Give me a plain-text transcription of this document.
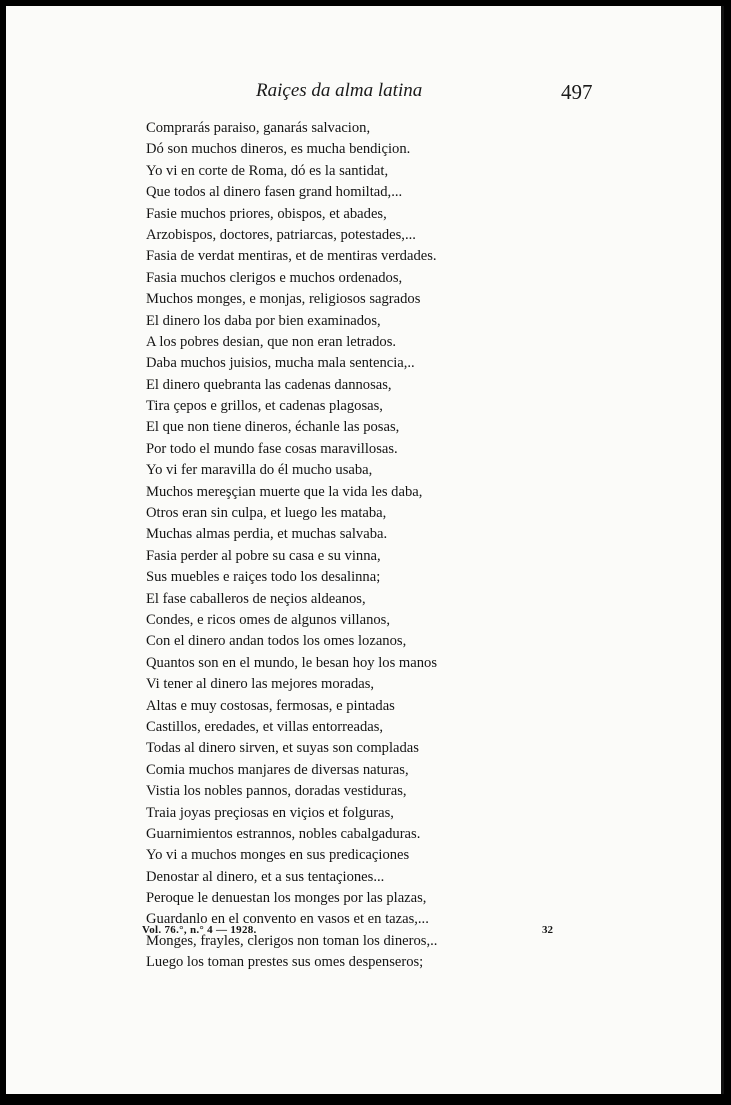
Raiçes da alma latina	497
Comprarás paraiso, ganarás salvacion,
Dó son muchos dineros, es mucha bendiçion.
Yo vi en corte de Roma, dó es la santidat,
Que todos al dinero fasen grand homiltad,...
Fasie muchos priores, obispos, et abades,
Arzobispos, doctores, patriarcas, potestades,...
Fasia de verdat mentiras, et de mentiras verdades.
Fasia muchos clerigos e muchos ordenados,
Muchos monges, e monjas, religiosos sagrados
El dinero los daba por bien examinados,
A los pobres desian, que non eran letrados.
Daba muchos juisios, mucha mala sentencia,..
El dinero quebranta las cadenas dannosas,
Tira çepos e grillos, et cadenas plagosas,
El que non tiene dineros, échanle las posas,
Por todo el mundo fase cosas maravillosas.
Yo vi fer maravilla do él mucho usaba,
Muchos mereşçian muerte que la vida les daba,
Otros eran sin culpa, et luego les mataba,
Muchas almas perdia, et muchas salvaba.
Fasia perder al pobre su casa e su vinna,
Sus muebles e raiçes todo los desalinna;
El fase caballeros de neçios aldeanos,
Condes, e ricos omes de algunos villanos,
Con el dinero andan todos los omes lozanos,
Quantos son en el mundo, le besan hoy los manos
Vi tener al dinero las mejores moradas,
Altas e muy costosas, fermosas, e pintadas
Castillos, eredades, et villas entorreadas,
Todas al dinero sirven, et suyas son compladas
Comia muchos manjares de diversas naturas,
Vistia los nobles pannos, doradas vestiduras,
Traia joyas preçiosas en viçios et folguras,
Guarnimientos estrannos, nobles cabalgaduras.
Yo vi a muchos monges en sus predicaçiones
Denostar al dinero, et a sus tentaçiones...
Peroque le denuestan los monges por las plazas,
Guardanlo en el convento en vasos et en tazas,...
Monges, frayles, clerigos non toman los dineros,..
Luego los toman prestes sus omes despenseros;
Vol. 76.°, n.° 4 — 1928.	32
